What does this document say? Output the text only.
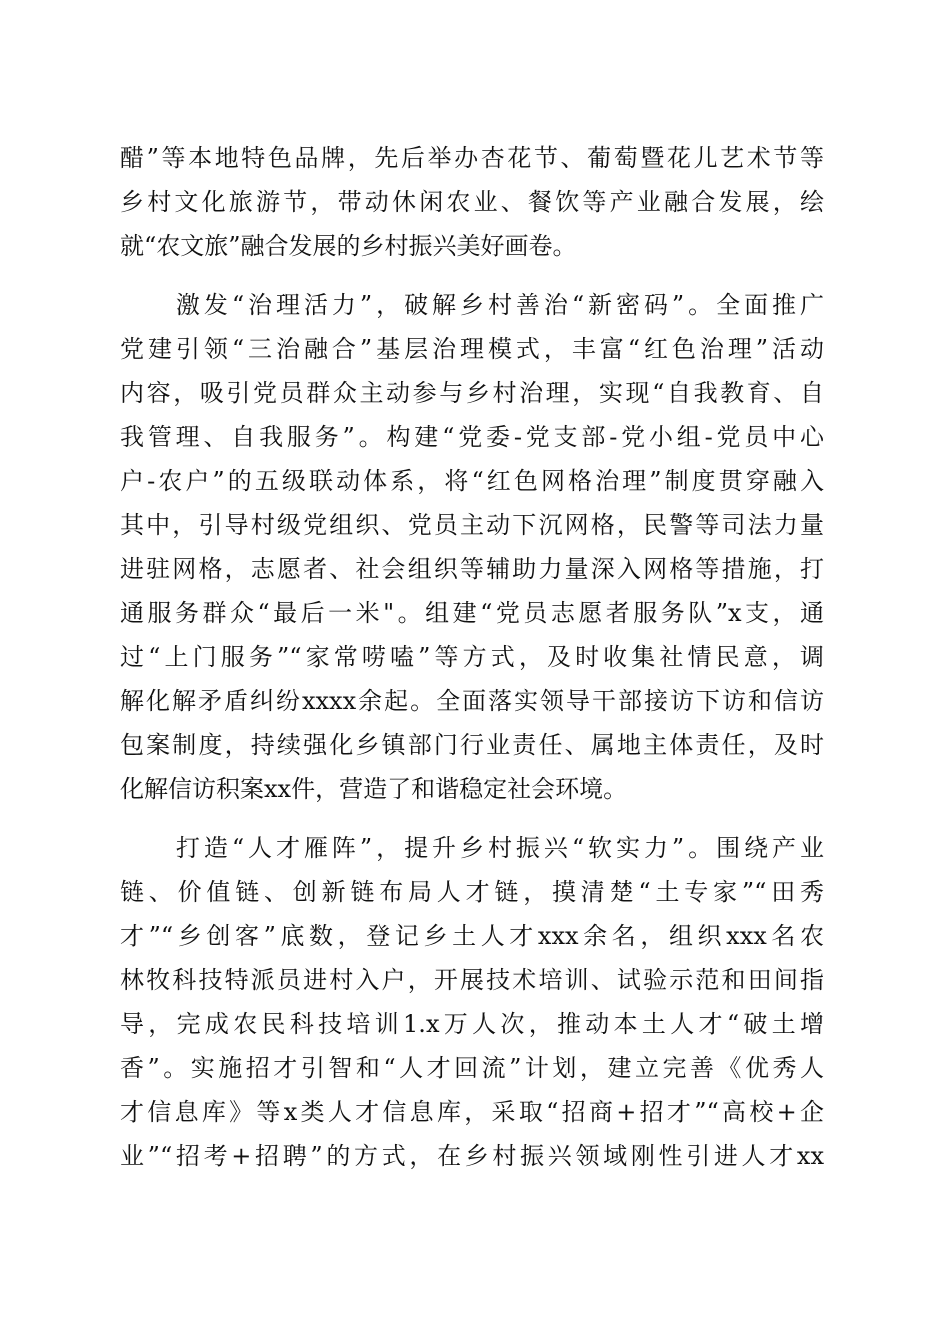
醋”等本地特色品牌，先后举办杏花节、葡萄暨花儿艺术节等
乡村文化旅游节，带动休闲农业、餐饮等产业融合发展，绘
就“农文旅”融合发展的乡村振兴美好画卷。
　　激发“治理活力”，破解乡村善治“新密码”。全面推广
党建引领“三治融合”基层治理模式，丰富“红色治理”活动
内容，吸引党员群众主动参与乡村治理，实现“自我教育、自
我管理、自我服务”。构建“党委-党支部-党小组-党员中心
户-农户”的五级联动体系，将“红色网格治理”制度贯穿融入
其中，引导村级党组织、党员主动下沉网格，民警等司法力量
进驻网格，志愿者、社会组织等辅助力量深入网格等措施，打
通服务群众“最后一米"。组建“党员志愿者服务队”x支，通
过“上门服务”“家常唠嗑”等方式，及时收集社情民意，调
解化解矛盾纠纷xxxx余起。全面落实领导干部接访下访和信访
包案制度，持续强化乡镇部门行业责任、属地主体责任，及时
化解信访积案xx件，营造了和谐稳定社会环境。
　　打造“人才雁阵”，提升乡村振兴“软实力”。围绕产业
链、价值链、创新链布局人才链，摸清楚“土专家”“田秀
才”“乡创客”底数，登记乡土人才xxx余名，组织xxx名农
林牧科技特派员进村入户，开展技术培训、试验示范和田间指
导，完成农民科技培训1.x万人次，推动本土人才“破土增
香”。实施招才引智和“人才回流”计划，建立完善《优秀人
才信息库》等x类人才信息库，采取“招商+招才”“高校+企
业”“招考+招聘”的方式，在乡村振兴领域刚性引进人才xx
